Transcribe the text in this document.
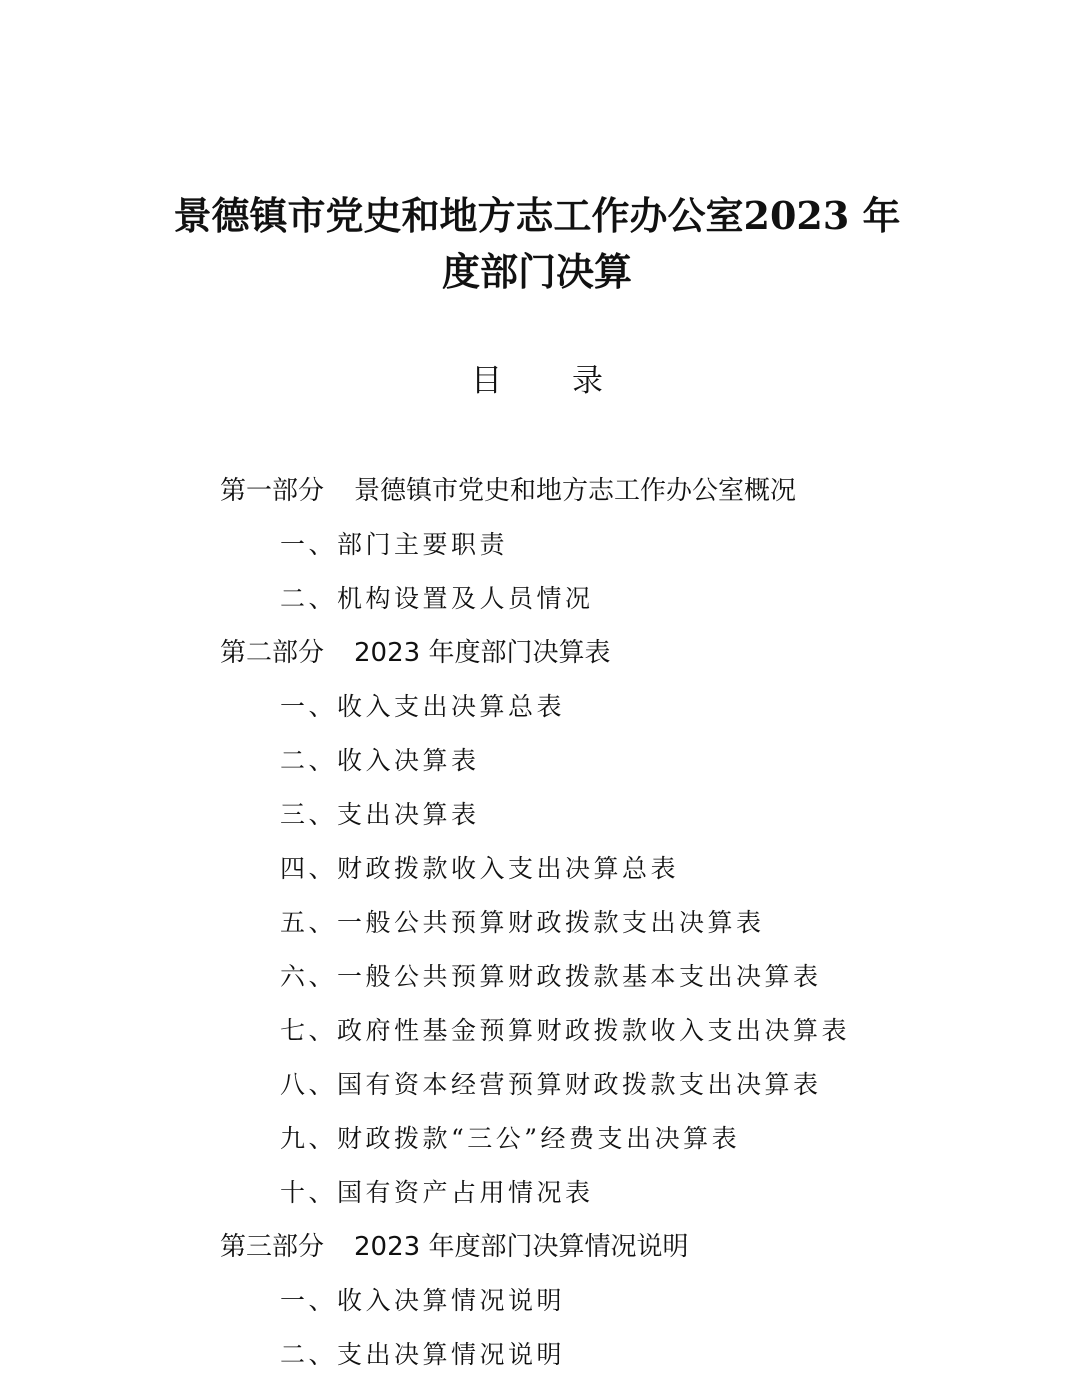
景德镇市党史和地方志工作办公室2023 年
度部门决算
目录
第一部分 景德镇市党史和地方志工作办公室概况
一、部门主要职责
二、机构设置及人员情况
第二部分 2023 年度部门决算表
一、收入支出决算总表
二、收入决算表
三、支出决算表
四、财政拨款收入支出决算总表
五、一般公共预算财政拨款支出决算表
六、一般公共预算财政拨款基本支出决算表
七、政府性基金预算财政拨款收入支出决算表
八、国有资本经营预算财政拨款支出决算表
九、财政拨款“三公”经费支出决算表
十、国有资产占用情况表
第三部分 2023 年度部门决算情况说明
一、收入决算情况说明
二、支出决算情况说明
